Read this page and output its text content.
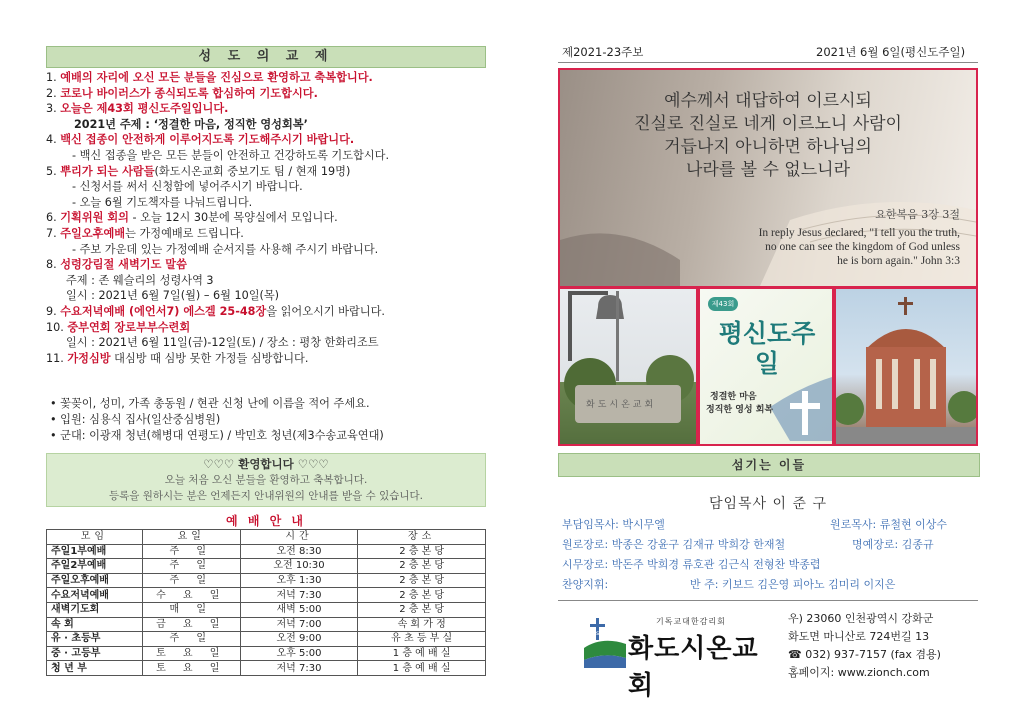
성 도 의 교 제
1. 예배의 자리에 오신 모든 분들을 진심으로 환영하고 축복합니다.
2. 코로나 바이러스가 종식되도록 합심하여 기도합시다.
3. 오늘은 제43회 평신도주일입니다.
2021년 주제 : ‘정결한 마음, 정직한 영성회복’
4. 백신 접종이 안전하게 이루어지도록 기도해주시기 바랍니다.
- 백신 접종을 받은 모든 분들이 안전하고 건강하도록 기도합시다.
5. 뿌리가 되는 사람들(화도시온교회 중보기도 팀 / 현재 19명)
- 신청서를 써서 신청함에 넣어주시기 바랍니다.
- 오늘 6월 기도책자를 나눠드립니다.
6. 기획위원 회의 - 오늘 12시 30분에 목양실에서 모입니다.
7. 주일오후예배는 가정예배로 드립니다.
- 주보 가운데 있는 가정예배 순서지를 사용해 주시기 바랍니다.
8. 성령강림절 새벽기도 말씀
주제 : 존 웨슬리의 성령사역 3
일시 : 2021년 6월 7일(월) – 6월 10일(목)
9. 수요저녁예배 (에언서7) 에스겔 25-48장을 읽어오시기 바랍니다.
10. 중부연회 장로부부수련회
일시 : 2021년 6월 11일(금)-12일(토) / 장소 : 평창 한화리조트
11. 가정심방 대심방 때 심방 못한 가정들 심방합니다.
• 꽃꽂이, 성미, 가족 총동원 / 현관 신청 난에 이름을 적어 주세요.
• 입원: 심용식 집사(일산중심병원)
• 군대: 이광재 청년(해병대 연평도) / 박민호 청년(제3수송교육연대)
♡♡♡ 환영합니다 ♡♡♡
오늘 처음 오신 분들을 환영하고 축복합니다.
등록을 원하시는 분은 언제든지 안내위원의 안내를 받을 수 있습니다.
예 배 안 내
모임	요일	시간	장소
주일1부예배	주 일	오전 8:30	2 층 본 당
주일2부예배	주 일	오전 10:30	2 층 본 당
주일오후예배	주 일	오후 1:30	2 층 본 당
수요저녁예배	수 요 일	저녁 7:30	2 층 본 당
새벽기도회	매 일	새벽 5:00	2 층 본 당
속 회	금 요 일	저녁 7:00	속 회 가 정
유 · 초등부	주 일	오전 9:00	유 초 등 부 실
중 · 고등부	토 요 일	오후 5:00	1 층 예 배 실
청 년 부	토 요 일	저녁 7:30	1 층 예 배 실
제2021-23주보	2021년 6월 6일(평신도주일)
예수께서 대답하여 이르시되
진실로 진실로 네게 이르노니 사람이
거듭나지 아니하면 하나님의
나라를 볼 수 없느니라
요한복음 3장 3절
In reply Jesus declared, "I tell you the truth,
no one can see the kingdom of God unless
he is born again." John 3:3
화도시온교회
제43회
평신도주일
정결한 마음
정직한 영성 회복
섬기는 이들
담임목사 이 준 구
부담임목사: 박시무엘	원로목사: 류철현 이상수
원로장로: 박종은 강윤구 김재규 박희강 한재철	명예장로: 김종규
시무장로: 박돈주 박희경 류호관 김근식 전형찬 박종렵
찬양지휘:	반 주: 키보드 김은영 피아노 김미리 이지은
since 1905
기독교대한감리회
화도시온교회
우) 23060 인천광역시 강화군
화도면 마니산로 724번길 13
☎ 032) 937-7157 (fax 겸용)
홈페이지: www.zionch.com
